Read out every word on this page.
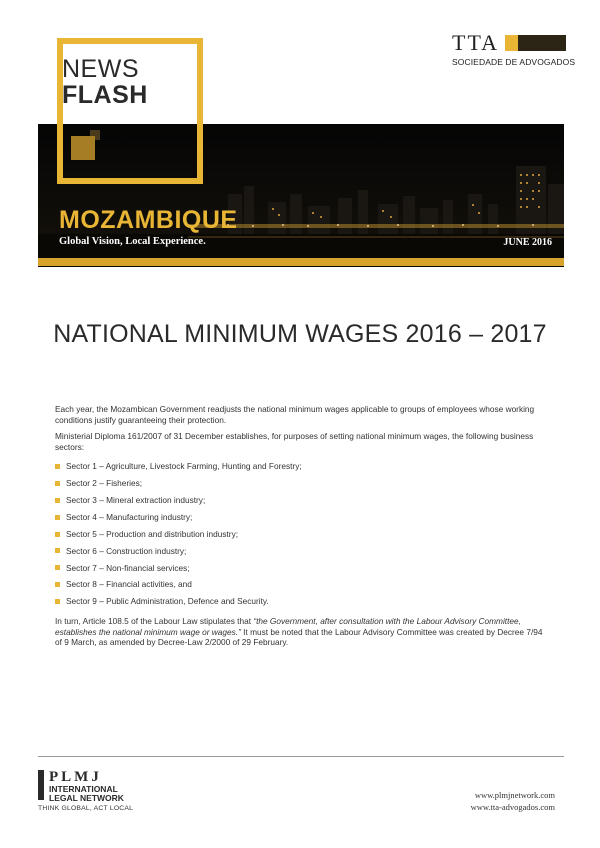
NEWS
FLASH
TTA
SOCIEDADE DE ADVOGADOS
MOZAMBIQUE
Global Vision, Local Experience.	JUNE 2016
NATIONAL MINIMUM WAGES 2016 – 2017

Each year, the Mozambican Government readjusts the national minimum wages applicable to groups of employees whose working conditions justify guaranteeing their protection.

Ministerial Diploma 161/2007 of 31 December establishes, for purposes of setting national minimum wages, the following business sectors:

Sector 1 – Agriculture, Livestock Farming, Hunting and Forestry;
Sector 2 – Fisheries;
Sector 3 – Mineral extraction industry;
Sector 4 – Manufacturing industry;
Sector 5 – Production and distribution industry;
Sector 6 – Construction industry;
Sector 7 – Non-financial services;
Sector 8 – Financial activities, and
Sector 9 – Public Administration, Defence and Security.

In turn, Article 108.5 of the Labour Law stipulates that “the Government, after consultation with the Labour Advisory Committee, establishes the national minimum wage or wages.” It must be noted that the Labour Advisory Committee was created by Decree 7/94 of 9 March, as amended by Decree-Law 2/2000 of 29 February.

PLMJ
INTERNATIONAL
LEGAL NETWORK
THINK GLOBAL, ACT LOCAL
www.plmjnetwork.com
www.tta-advogados.com
